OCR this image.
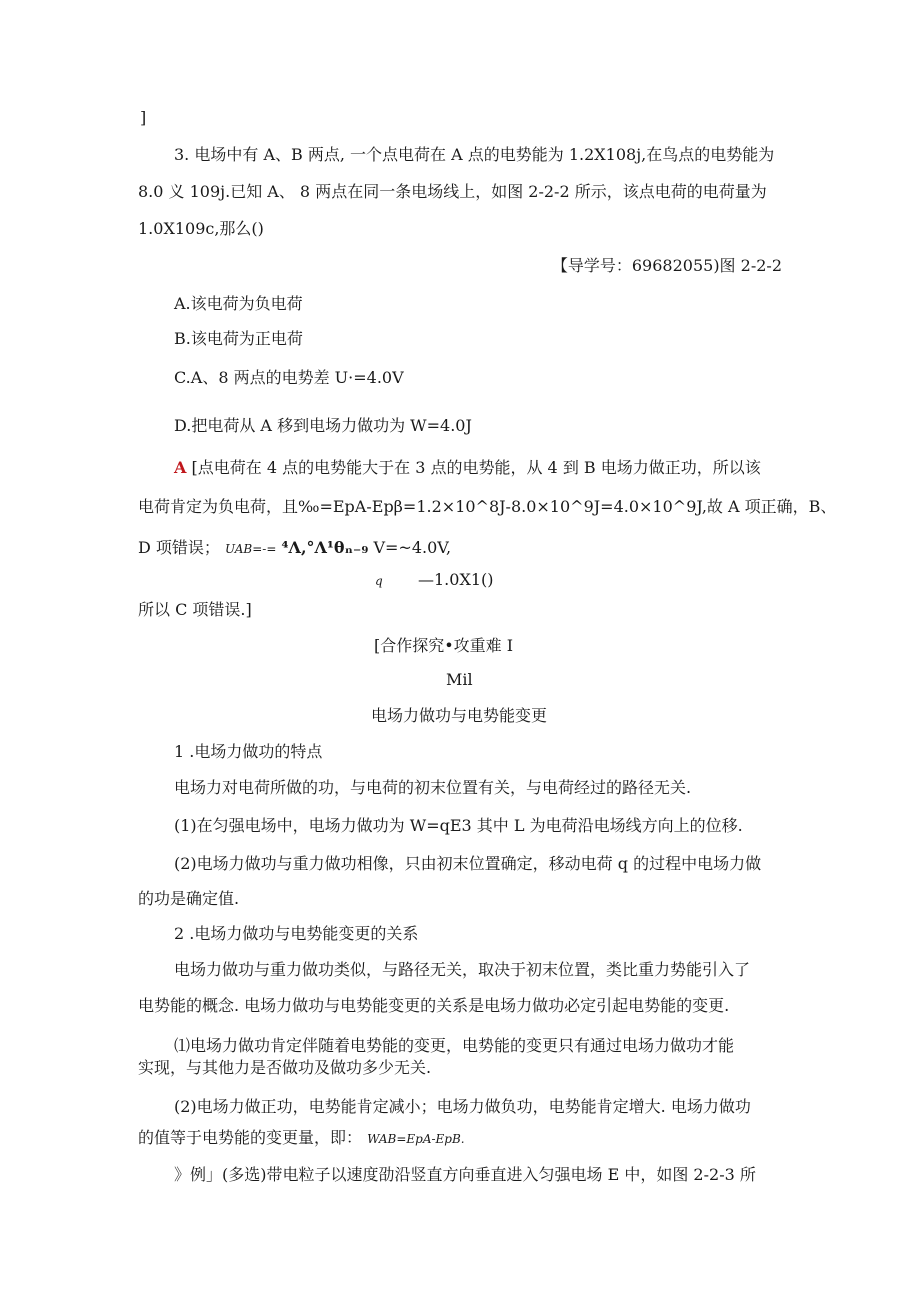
]
3. 电场中有 A、B 两点, 一个点电荷在 A 点的电势能为 1.2X108j,在鸟点的电势能为
8.0 义 109j.已知 A、 8 两点在同一条电场线上，如图 2-2-2 所示，该点电荷的电荷量为
1.0X109c,那么()
【导学号：69682055)图 2-2-2
A.该电荷为负电荷
B.该电荷为正电荷
C.A、8 两点的电势差 U·=4.0V
D.把电荷从 A 移到电场力做功为 W=4.0J
A [点电荷在 4 点的电势能大于在 3 点的电势能，从 4 到 B 电场力做正功，所以该
电荷肯定为负电荷，且‰=EpA-Epβ=1.2×10^8J-8.0×10^9J=4.0×10^9J,故 A 项正确，B、
D 项错误； UAB=-= ⁴Λ,°Λ¹θₙ₋₉ V=~4.0V,
q —1.0X1()
所以 C 项错误.]
[合作探究•攻重难 I
Mil
电场力做功与电势能变更
1 .电场力做功的特点
电场力对电荷所做的功，与电荷的初末位置有关，与电荷经过的路径无关.
(1)在匀强电场中，电场力做功为 W=qE3 其中 L 为电荷沿电场线方向上的位移.
(2)电场力做功与重力做功相像，只由初末位置确定，移动电荷 q 的过程中电场力做
的功是确定值.
2 .电场力做功与电势能变更的关系
电场力做功与重力做功类似，与路径无关，取决于初末位置，类比重力势能引入了
电势能的概念. 电场力做功与电势能变更的关系是电场力做功必定引起电势能的变更.
⑴电场力做功肯定伴随着电势能的变更，电势能的变更只有通过电场力做功才能
实现，与其他力是否做功及做功多少无关.
(2)电场力做正功，电势能肯定减小；电场力做负功，电势能肯定增大. 电场力做功
的值等于电势能的变更量，即： WAB=EpA-EpB.
》例」(多选)带电粒子以速度劭沿竖直方向垂直进入匀强电场 E 中，如图 2-2-3 所
